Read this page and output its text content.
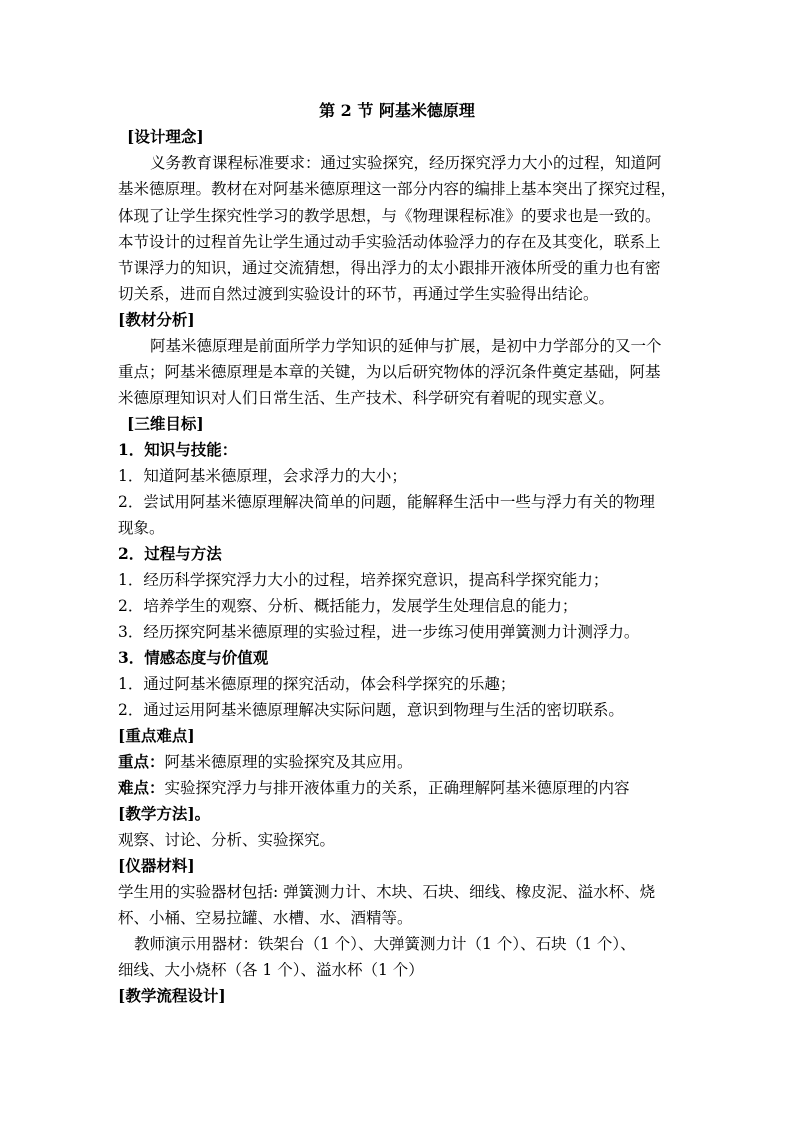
第 2 节 阿基米德原理
[设计理念]
义务教育课程标准要求：通过实验探究，经历探究浮力大小的过程，知道阿
基米德原理。教材在对阿基米德原理这一部分内容的编排上基本突出了探究过程，
体现了让学生探究性学习的教学思想，与《物理课程标准》的要求也是一致的。
本节设计的过程首先让学生通过动手实验活动体验浮力的存在及其变化，联系上
节课浮力的知识，通过交流猜想，得出浮力的太小跟排开液体所受的重力也有密
切关系，进而自然过渡到实验设计的环节，再通过学生实验得出结论。
[教材分析]
阿基米德原理是前面所学力学知识的延伸与扩展，是初中力学部分的又一个
重点；阿基米德原理是本章的关键，为以后研究物体的浮沉条件奠定基础，阿基
米德原理知识对人们日常生活、生产技术、科学研究有着呢的现实意义。
[三维目标]
1．知识与技能：
1．知道阿基米德原理，会求浮力的大小；
2．尝试用阿基米德原理解决简单的问题，能解释生活中一些与浮力有关的物理
现象。
2．过程与方法
1．经历科学探究浮力大小的过程，培养探究意识，提高科学探究能力；
2．培养学生的观察、分析、概括能力，发展学生处理信息的能力；
3．经历探究阿基米德原理的实验过程，进一步练习使用弹簧测力计测浮力。
3．情感态度与价值观
1．通过阿基米德原理的探究活动，体会科学探究的乐趣；
2．通过运用阿基米德原理解决实际问题，意识到物理与生活的密切联系。
[重点难点]
重点：阿基米德原理的实验探究及其应用。
难点：实验探究浮力与排开液体重力的关系，正确理解阿基米德原理的内容
[教学方法]。
观察、讨论、分析、实验探究。
[仪器材料]
学生用的实验器材包括: 弹簧测力计、木块、石块、细线、橡皮泥、溢水杯、烧
杯、小桶、空易拉罐、水槽、水、酒精等。
教师演示用器材：铁架台（1 个）、大弹簧测力计（1 个）、石块（1 个）、
细线、大小烧杯（各 1 个）、溢水杯（1 个）
[教学流程设计]
